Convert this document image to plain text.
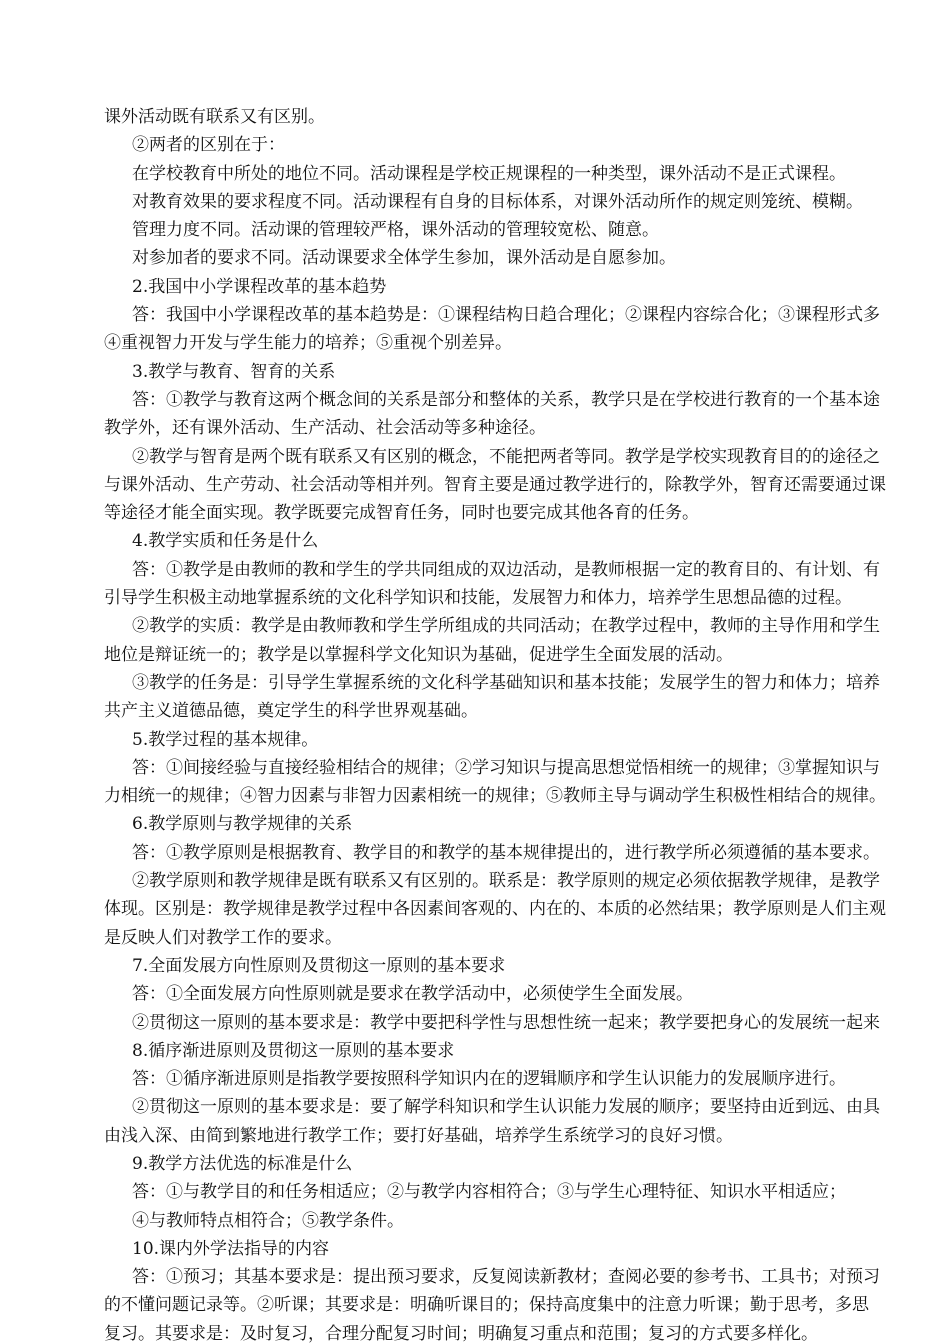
课外活动既有联系又有区别。
②两者的区别在于：
在学校教育中所处的地位不同。活动课程是学校正规课程的一种类型，课外活动不是正式课程。
对教育效果的要求程度不同。活动课程有自身的目标体系，对课外活动所作的规定则笼统、模糊。
管理力度不同。活动课的管理较严格，课外活动的管理较宽松、随意。
对参加者的要求不同。活动课要求全体学生参加，课外活动是自愿参加。
2.我国中小学课程改革的基本趋势
答：我国中小学课程改革的基本趋势是：①课程结构日趋合理化；②课程内容综合化；③课程形式多
④重视智力开发与学生能力的培养；⑤重视个别差异。
3.教学与教育、智育的关系
答：①教学与教育这两个概念间的关系是部分和整体的关系，教学只是在学校进行教育的一个基本途
教学外，还有课外活动、生产活动、社会活动等多种途径。
②教学与智育是两个既有联系又有区别的概念，不能把两者等同。教学是学校实现教育目的的途径之
与课外活动、生产劳动、社会活动等相并列。智育主要是通过教学进行的，除教学外，智育还需要通过课
等途径才能全面实现。教学既要完成智育任务，同时也要完成其他各育的任务。
4.教学实质和任务是什么
答：①教学是由教师的教和学生的学共同组成的双边活动，是教师根据一定的教育目的、有计划、有
引导学生积极主动地掌握系统的文化科学知识和技能，发展智力和体力，培养学生思想品德的过程。
②教学的实质：教学是由教师教和学生学所组成的共同活动；在教学过程中，教师的主导作用和学生
地位是辩证统一的；教学是以掌握科学文化知识为基础，促进学生全面发展的活动。
③教学的任务是：引导学生掌握系统的文化科学基础知识和基本技能；发展学生的智力和体力；培养
共产主义道德品德，奠定学生的科学世界观基础。
5.教学过程的基本规律。
答：①间接经验与直接经验相结合的规律；②学习知识与提高思想觉悟相统一的规律；③掌握知识与
力相统一的规律；④智力因素与非智力因素相统一的规律；⑤教师主导与调动学生积极性相结合的规律。
6.教学原则与教学规律的关系
答：①教学原则是根据教育、教学目的和教学的基本规律提出的，进行教学所必须遵循的基本要求。
②教学原则和教学规律是既有联系又有区别的。联系是：教学原则的规定必须依据教学规律，是教学
体现。区别是：教学规律是教学过程中各因素间客观的、内在的、本质的必然结果；教学原则是人们主观
是反映人们对教学工作的要求。
7.全面发展方向性原则及贯彻这一原则的基本要求
答：①全面发展方向性原则就是要求在教学活动中，必须使学生全面发展。
②贯彻这一原则的基本要求是：教学中要把科学性与思想性统一起来；教学要把身心的发展统一起来
8.循序渐进原则及贯彻这一原则的基本要求
答：①循序渐进原则是指教学要按照科学知识内在的逻辑顺序和学生认识能力的发展顺序进行。
②贯彻这一原则的基本要求是：要了解学科知识和学生认识能力发展的顺序；要坚持由近到远、由具
由浅入深、由简到繁地进行教学工作；要打好基础，培养学生系统学习的良好习惯。
9.教学方法优选的标准是什么
答：①与教学目的和任务相适应；②与教学内容相符合；③与学生心理特征、知识水平相适应；
④与教师特点相符合；⑤教学条件。
10.课内外学法指导的内容
答：①预习；其基本要求是：提出预习要求，反复阅读新教材；查阅必要的参考书、工具书；对预习
的不懂问题记录等。②听课；其要求是：明确听课目的；保持高度集中的注意力听课；勤于思考，多思
复习。其要求是：及时复习，合理分配复习时间；明确复习重点和范围；复习的方式要多样化。
